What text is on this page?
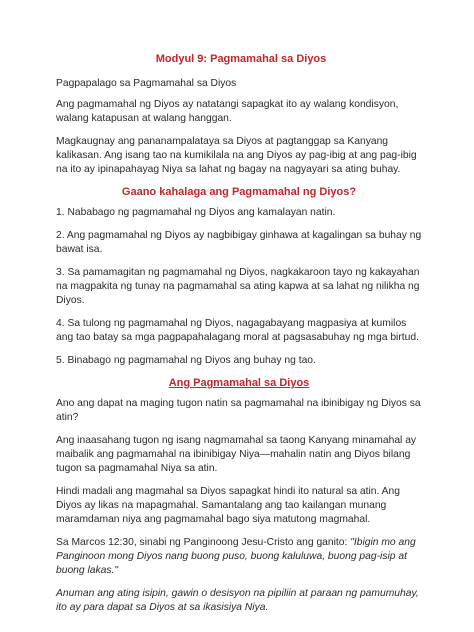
Modyul 9: Pagmamahal sa Diyos

Pagpapalago sa Pagmamahal sa Diyos

Ang pagmamahal ng Diyos ay natatangi sapagkat ito ay walang kondisyon, walang katapusan at walang hanggan.

Magkaugnay ang pananampalataya sa Diyos at pagtanggap sa Kanyang kalikasan. Ang isang tao na kumikilala na ang Diyos ay pag-ibig at ang pag-ibig na ito ay ipinapahayag Niya sa lahat ng bagay na nagyayari sa ating buhay.

Gaano kahalaga ang Pagmamahal ng Diyos?

1. Nababago ng pagmamahal ng Diyos ang kamalayan natin.

2. Ang pagmamahal ng Diyos ay nagbibigay ginhawa at kagalingan sa buhay ng bawat isa.

3. Sa pamamagitan ng pagmamahal ng Diyos, nagkakaroon tayo ng kakayahan na magpakita ng tunay na pagmamahal sa ating kapwa at sa lahat ng nilikha ng Diyos.

4. Sa tulong ng pagmamahal ng Diyos, nagagabayang magpasiya at kumilos ang tao batay sa mga pagpapahalagang moral at pagsasabuhay ng mga birtud.

5. Binabago ng pagmamahal ng Diyos ang buhay ng tao.

Ang Pagmamahal sa Diyos

Ano ang dapat na maging tugon natin sa pagmamahal na ibinibigay ng Diyos sa atin?

Ang inaasahang tugon ng isang nagmamahal sa taong Kanyang minamahal ay maibalik ang pagmamahal na ibinibigay Niya—mahalin natin ang Diyos bilang tugon sa pagmamahal Niya sa atin.

Hindi madali ang magmahal sa Diyos sapagkat hindi ito natural sa atin. Ang Diyos ay likas na mapagmahal. Samantalang ang tao kailangan munang maramdaman niya ang pagmamahal bago siya matutong magmahal.

Sa Marcos 12:30, sinabi ng Panginoong Jesu-Cristo ang ganito: "Ibigin mo ang Panginoon mong Diyos nang buong puso, buong kaluluwa, buong pag-isip at buong lakas."

Anuman ang ating isipin, gawin o desisyon na pipiliin at paraan ng pamumuhay, ito ay para dapat sa Diyos at sa ikasisiya Niya.
